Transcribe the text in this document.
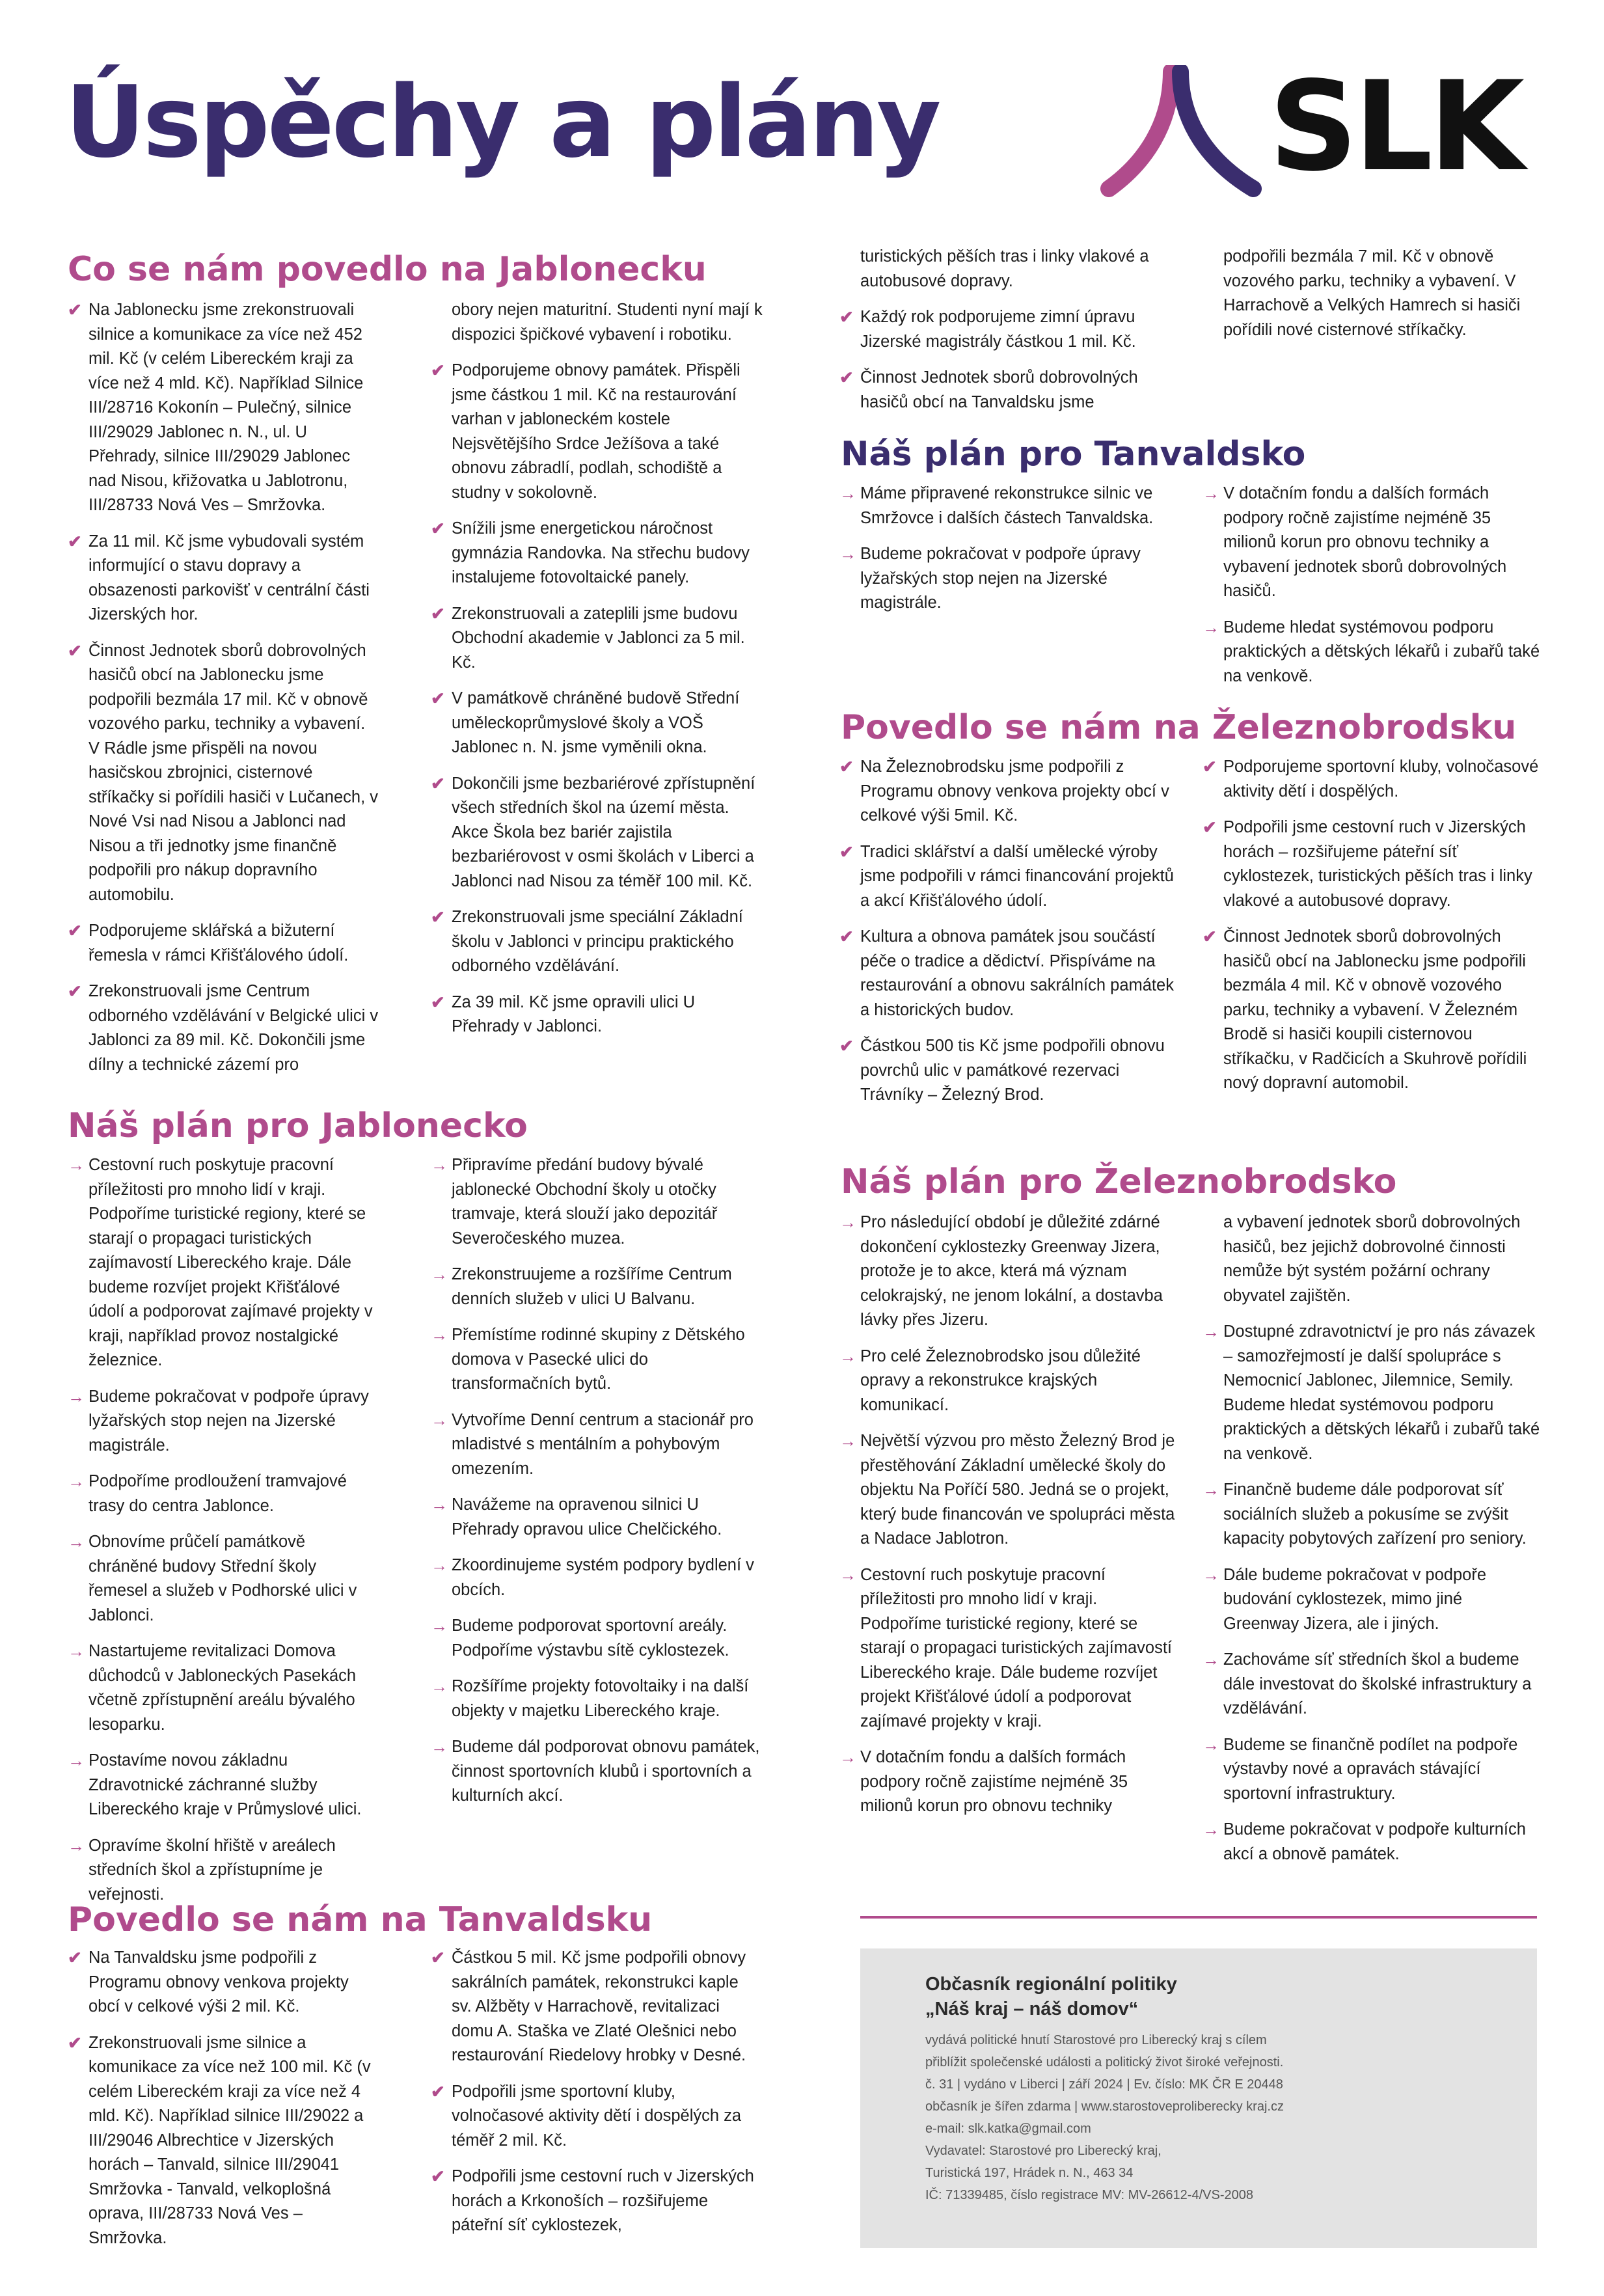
Úspěchy a plány	SLK
Co se nám povedlo na Jablonecku
✔ Na Jablonecku jsme zrekonstruovali silnice a komunikace za více než 452 mil. Kč (v celém Libereckém kraji za více než 4 mld. Kč). Například Silnice III/28716 Kokonín – Pulečný, silnice III/29029 Jablonec n. N., ul. U Přehrady, silnice III/29029 Jablonec nad Nisou, křižovatka u Jablotronu, III/28733 Nová Ves – Smržovka.
✔ Za 11 mil. Kč jsme vybudovali systém informující o stavu dopravy a obsazenosti parkovišť v centrální části Jizerských hor.
✔ Činnost Jednotek sborů dobrovolných hasičů obcí na Jablonecku jsme podpořili bezmála 17 mil. Kč v obnově vozového parku, techniky a vybavení. V Rádle jsme přispěli na novou hasičskou zbrojnici, cisternové stříkačky si pořídili hasiči v Lučanech, v Nové Vsi nad Nisou a Jablonci nad Nisou a tři jednotky jsme finančně podpořili pro nákup dopravního automobilu.
✔ Podporujeme sklářská a bižuterní řemesla v rámci Křišťálového údolí.
✔ Zrekonstruovali jsme Centrum odborného vzdělávání v Belgické ulici v Jablonci za 89 mil. Kč. Dokončili jsme dílny a technické zázemí pro
obory nejen maturitní. Studenti nyní mají k dispozici špičkové vybavení i robotiku.
✔ Podporujeme obnovy památek. Přispěli jsme částkou 1 mil. Kč na restaurování varhan v jabloneckém kostele Nejsvětějšího Srdce Ježíšova a také obnovu zábradlí, podlah, schodiště a studny v sokolovně.
✔ Snížili jsme energetickou náročnost gymnázia Randovka. Na střechu budovy instalujeme fotovoltaické panely.
✔ Zrekonstruovali a zateplili jsme budovu Obchodní akademie v Jablonci za 5 mil. Kč.
✔ V památkově chráněné budově Střední uměleckoprůmyslové školy a VOŠ Jablonec n. N. jsme vyměnili okna.
✔ Dokončili jsme bezbariérové zpřístupnění všech středních škol na území města. Akce Škola bez bariér zajistila bezbariérovost v osmi školách v Liberci a Jablonci nad Nisou za téměř 100 mil. Kč.
✔ Zrekonstruovali jsme speciální Základní školu v Jablonci v principu praktického odborného vzdělávání.
✔ Za 39 mil. Kč jsme opravili ulici U Přehrady v Jablonci.
Náš plán pro Jablonecko
→ Cestovní ruch poskytuje pracovní příležitosti pro mnoho lidí v kraji. Podpoříme turistické regiony, které se starají o propagaci turistických zajímavostí Libereckého kraje. Dále budeme rozvíjet projekt Křišťálové údolí a podporovat zajímavé projekty v kraji, například provoz nostalgické železnice.
→ Budeme pokračovat v podpoře úpravy lyžařských stop nejen na Jizerské magistrále.
→ Podpoříme prodloužení tramvajové trasy do centra Jablonce.
→ Obnovíme průčelí památkově chráněné budovy Střední školy řemesel a služeb v Podhorské ulici v Jablonci.
→ Nastartujeme revitalizaci Domova důchodců v Jabloneckých Pasekách včetně zpřístupnění areálu bývalého lesoparku.
→ Postavíme novou základnu Zdravotnické záchranné služby Libereckého kraje v Průmyslové ulici.
→ Opravíme školní hřiště v areálech středních škol a zpřístupníme je veřejnosti.
→ Připravíme předání budovy bývalé jablonecké Obchodní školy u otočky tramvaje, která slouží jako depozitář Severočeského muzea.
→ Zrekonstruujeme a rozšíříme Centrum denních služeb v ulici U Balvanu.
→ Přemístíme rodinné skupiny z Dětského domova v Pasecké ulici do transformačních bytů.
→ Vytvoříme Denní centrum a stacionář pro mladistvé s mentálním a pohybovým omezením.
→ Navážeme na opravenou silnici U Přehrady opravou ulice Chelčického.
→ Zkoordinujeme systém podpory bydlení v obcích.
→ Budeme podporovat sportovní areály. Podpoříme výstavbu sítě cyklostezek.
→ Rozšíříme projekty fotovoltaiky i na další objekty v majetku Libereckého kraje.
→ Budeme dál podporovat obnovu památek, činnost sportovních klubů i sportovních a kulturních akcí.
Povedlo se nám na Tanvaldsku
✔ Na Tanvaldsku jsme podpořili z Programu obnovy venkova projekty obcí v celkové výši 2 mil. Kč.
✔ Zrekonstruovali jsme silnice a komunikace za více než 100 mil. Kč (v celém Libereckém kraji za více než 4 mld. Kč). Například silnice III/29022 a III/29046 Albrechtice v Jizerských horách – Tanvald, silnice III/29041 Smržovka - Tanvald, velkoplošná oprava, III/28733 Nová Ves – Smržovka.
✔ Částkou 5 mil. Kč jsme podpořili obnovy sakrálních památek, rekonstrukci kaple sv. Alžběty v Harrachově, revitalizaci domu A. Staška ve Zlaté Olešnici nebo restaurování Riedelovy hrobky v Desné.
✔ Podpořili jsme sportovní kluby, volnočasové aktivity dětí i dospělých za téměř 2 mil. Kč.
✔ Podpořili jsme cestovní ruch v Jizerských horách a Krkonoších – rozšiřujeme páteřní síť cyklostezek,
turistických pěších tras i linky vlakové a autobusové dopravy.
✔ Každý rok podporujeme zimní úpravu Jizerské magistrály částkou 1 mil. Kč.
✔ Činnost Jednotek sborů dobrovolných hasičů obcí na Tanvaldsku jsme
podpořili bezmála 7 mil. Kč v obnově vozového parku, techniky a vybavení. V Harrachově a Velkých Hamrech si hasiči pořídili nové cisternové stříkačky.
Náš plán pro Tanvaldsko
→ Máme připravené rekonstrukce silnic ve Smržovce i dalších částech Tanvaldska.
→ Budeme pokračovat v podpoře úpravy lyžařských stop nejen na Jizerské magistrále.
→ V dotačním fondu a dalších formách podpory ročně zajistíme nejméně 35 milionů korun pro obnovu techniky a vybavení jednotek sborů dobrovolných hasičů.
→ Budeme hledat systémovou podporu praktických a dětských lékařů i zubařů také na venkově.
Povedlo se nám na Železnobrodsku
✔ Na Železnobrodsku jsme podpořili z Programu obnovy venkova projekty obcí v celkové výši 5mil. Kč.
✔ Tradici sklářství a další umělecké výroby jsme podpořili v rámci financování projektů a akcí Křišťálového údolí.
✔ Kultura a obnova památek jsou součástí péče o tradice a dědictví. Přispíváme na restaurování a obnovu sakrálních památek a historických budov.
✔ Částkou 500 tis Kč jsme podpořili obnovu povrchů ulic v památkové rezervaci Trávníky – Železný Brod.
✔ Podporujeme sportovní kluby, volnočasové aktivity dětí i dospělých.
✔ Podpořili jsme cestovní ruch v Jizerských horách – rozšiřujeme páteřní síť cyklostezek, turistických pěších tras i linky vlakové a autobusové dopravy.
✔ Činnost Jednotek sborů dobrovolných hasičů obcí na Jablonecku jsme podpořili bezmála 4 mil. Kč v obnově vozového parku, techniky a vybavení. V Železném Brodě si hasiči koupili cisternovou stříkačku, v Radčicích a Skuhrově pořídili nový dopravní automobil.
Náš plán pro Železnobrodsko
→ Pro následující období je důležité zdárné dokončení cyklostezky Greenway Jizera, protože je to akce, která má význam celokrajský, ne jenom lokální, a dostavba lávky přes Jizeru.
→ Pro celé Železnobrodsko jsou důležité opravy a rekonstrukce krajských komunikací.
→ Největší výzvou pro město Železný Brod je přestěhování Základní umělecké školy do objektu Na Poříčí 580. Jedná se o projekt, který bude financován ve spolupráci města a Nadace Jablotron.
→ Cestovní ruch poskytuje pracovní příležitosti pro mnoho lidí v kraji. Podpoříme turistické regiony, které se starají o propagaci turistických zajímavostí Libereckého kraje. Dále budeme rozvíjet projekt Křišťálové údolí a podporovat zajímavé projekty v kraji.
→ V dotačním fondu a dalších formách podpory ročně zajistíme nejméně 35 milionů korun pro obnovu techniky
a vybavení jednotek sborů dobrovolných hasičů, bez jejichž dobrovolné činnosti nemůže být systém požární ochrany obyvatel zajištěn.
→ Dostupné zdravotnictví je pro nás závazek – samozřejmostí je další spolupráce s Nemocnicí Jablonec, Jilemnice, Semily. Budeme hledat systémovou podporu praktických a dětských lékařů i zubařů také na venkově.
→ Finančně budeme dále podporovat síť sociálních služeb a pokusíme se zvýšit kapacity pobytových zařízení pro seniory.
→ Dále budeme pokračovat v podpoře budování cyklostezek, mimo jiné Greenway Jizera, ale i jiných.
→ Zachováme síť středních škol a budeme dále investovat do školské infrastruktury a vzdělávání.
→ Budeme se finančně podílet na podpoře výstavby nové a opravách stávající sportovní infrastruktury.
→ Budeme pokračovat v podpoře kulturních akcí a obnově památek.
Občasník regionální politiky
„Náš kraj – náš domov“
vydává politické hnutí Starostové pro Liberecký kraj s cílem
přiblížit společenské události a politický život široké veřejnosti.
č. 31 | vydáno v Liberci | září 2024 | Ev. číslo: MK ČR E 20448
občasník je šířen zdarma | www.starostoveproliberecky kraj.cz
e-mail: slk.katka@gmail.com
Vydavatel: Starostové pro Liberecký kraj,
Turistická 197, Hrádek n. N., 463 34
IČ: 71339485, číslo registrace MV: MV-26612-4/VS-2008
